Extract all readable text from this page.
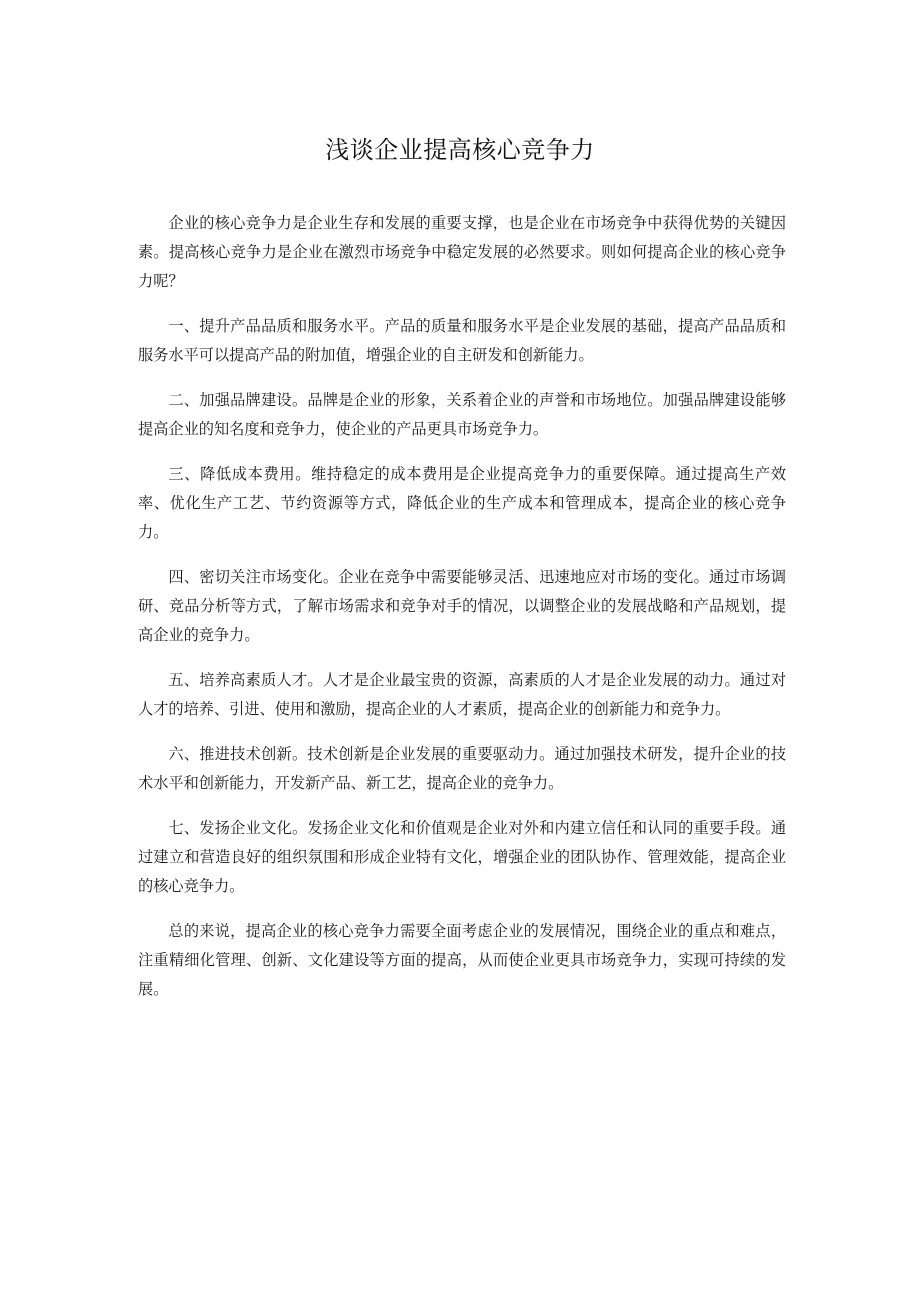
浅谈企业提高核心竞争力

企业的核心竞争力是企业生存和发展的重要支撑，也是企业在市场竞争中获得优势的关键因素。提高核心竞争力是企业在激烈市场竞争中稳定发展的必然要求。则如何提高企业的核心竞争力呢？

一、提升产品品质和服务水平。产品的质量和服务水平是企业发展的基础，提高产品品质和服务水平可以提高产品的附加值，增强企业的自主研发和创新能力。

二、加强品牌建设。品牌是企业的形象，关系着企业的声誉和市场地位。加强品牌建设能够提高企业的知名度和竞争力，使企业的产品更具市场竞争力。

三、降低成本费用。维持稳定的成本费用是企业提高竞争力的重要保障。通过提高生产效率、优化生产工艺、节约资源等方式，降低企业的生产成本和管理成本，提高企业的核心竞争力。

四、密切关注市场变化。企业在竞争中需要能够灵活、迅速地应对市场的变化。通过市场调研、竞品分析等方式，了解市场需求和竞争对手的情况，以调整企业的发展战略和产品规划，提高企业的竞争力。

五、培养高素质人才。人才是企业最宝贵的资源，高素质的人才是企业发展的动力。通过对人才的培养、引进、使用和激励，提高企业的人才素质，提高企业的创新能力和竞争力。

六、推进技术创新。技术创新是企业发展的重要驱动力。通过加强技术研发，提升企业的技术水平和创新能力，开发新产品、新工艺，提高企业的竞争力。

七、发扬企业文化。发扬企业文化和价值观是企业对外和内建立信任和认同的重要手段。通过建立和营造良好的组织氛围和形成企业特有文化，增强企业的团队协作、管理效能，提高企业的核心竞争力。

总的来说，提高企业的核心竞争力需要全面考虑企业的发展情况，围绕企业的重点和难点，注重精细化管理、创新、文化建设等方面的提高，从而使企业更具市场竞争力，实现可持续的发展。
